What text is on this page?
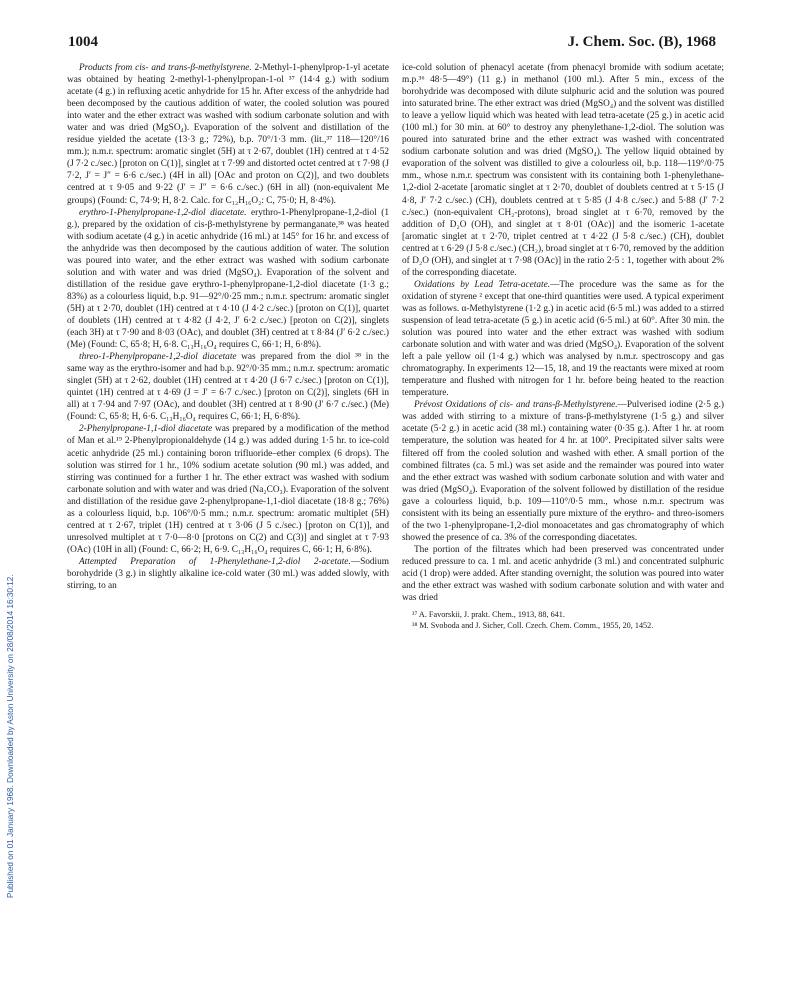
1004	J. Chem. Soc. (B), 1968
Published on 01 January 1968. Downloaded by Aston University on 28/08/2014 16:30:12.

Products from cis- and trans-β-methylstyrene. 2-Methyl-1-phenylprop-1-yl acetate was obtained by heating 2-methyl-1-phenylpropan-1-ol ³⁷ (14·4 g.) with sodium acetate (4 g.) in refluxing acetic anhydride for 15 hr. After excess of the anhydride had been decomposed by the cautious addition of water, the cooled solution was poured into water and the ether extract was washed with sodium carbonate solution and with water and was dried (MgSO₄). Evaporation of the solvent and distillation of the residue yielded the acetate (13·3 g.; 72%), b.p. 70°/1·3 mm. (lit.,³⁷ 118—120°/16 mm.); n.m.r. spectrum: aromatic singlet (5H) at τ 2·67, doublet (1H) centred at τ 4·52 (J 7·2 c./sec.) [proton on C(1)], singlet at τ 7·99 and distorted octet centred at τ 7·98 (J 7·2, J′ = J″ = 6·6 c./sec.) (4H in all) [OAc and proton on C(2)], and two doublets centred at τ 9·05 and 9·22 (J′ = J″ = 6·6 c./sec.) (6H in all) (non-equivalent Me groups) (Found: C, 74·9; H, 8·2. Calc. for C₁₂H₁₆O₂: C, 75·0; H, 8·4%).

erythro-1-Phenylpropane-1,2-diol diacetate. erythro-1-Phenylpropane-1,2-diol (1 g.), prepared by the oxidation of cis-β-methylstyrene by permanganate,³⁸ was heated with sodium acetate (4 g.) in acetic anhydride (16 ml.) at 145° for 16 hr. and excess of the anhydride was then decomposed by the cautious addition of water. The solution was poured into water, and the ether extract was washed with sodium carbonate solution and with water and was dried (MgSO₄). Evaporation of the solvent and distillation of the residue gave erythro-1-phenylpropane-1,2-diol diacetate (1·3 g.; 83%) as a colourless liquid, b.p. 91—92°/0·25 mm.; n.m.r. spectrum: aromatic singlet (5H) at τ 2·70, doublet (1H) centred at τ 4·10 (J 4·2 c./sec.) [proton on C(1)], quartet of doublets (1H) centred at τ 4·82 (J 4·2, J′ 6·2 c./sec.) [proton on C(2)], singlets (each 3H) at τ 7·90 and 8·03 (OAc), and doublet (3H) centred at τ 8·84 (J′ 6·2 c./sec.) (Me) (Found: C, 65·8; H, 6·8. C₁₃H₁₆O₄ requires C, 66·1; H, 6·8%).

threo-1-Phenylpropane-1,2-diol diacetate was prepared from the diol ³⁸ in the same way as the erythro-isomer and had b.p. 92°/0·35 mm.; n.m.r. spectrum: aromatic singlet (5H) at τ 2·62, doublet (1H) centred at τ 4·20 (J 6·7 c./sec.) [proton on C(1)], quintet (1H) centred at τ 4·69 (J = J′ = 6·7 c./sec.) [proton on C(2)], singlets (6H in all) at τ 7·94 and 7·97 (OAc), and doublet (3H) centred at τ 8·90 (J′ 6·7 c./sec.) (Me) (Found: C, 65·8; H, 6·6. C₁₃H₁₆O₄ requires C, 66·1; H, 6·8%).

2-Phenylpropane-1,1-diol diacetate was prepared by a modification of the method of Man et al.¹⁹ 2-Phenylpropionaldehyde (14 g.) was added during 1·5 hr. to ice-cold acetic anhydride (25 ml.) containing boron trifluoride–ether complex (6 drops). The solution was stirred for 1 hr., 10% sodium acetate solution (90 ml.) was added, and stirring was continued for a further 1 hr. The ether extract was washed with sodium carbonate solution and with water and was dried (Na₂CO₃). Evaporation of the solvent and distillation of the residue gave 2-phenylpropane-1,1-diol diacetate (18·8 g.; 76%) as a colourless liquid, b.p. 106°/0·5 mm.; n.m.r. spectrum: aromatic multiplet (5H) centred at τ 2·67, triplet (1H) centred at τ 3·06 (J 5 c./sec.) [proton on C(1)], and unresolved multiplet at τ 7·0—8·0 [protons on C(2) and C(3)] and singlet at τ 7·93 (OAc) (10H in all) (Found: C, 66·2; H, 6·9. C₁₃H₁₆O₄ requires C, 66·1; H, 6·8%).

Attempted Preparation of 1-Phenylethane-1,2-diol 2-acetate.—Sodium borohydride (3 g.) in slightly alkaline ice-cold water (30 ml.) was added slowly, with stirring, to an

ice-cold solution of phenacyl acetate (from phenacyl bromide with sodium acetate; m.p.³⁶ 48·5—49°) (11 g.) in methanol (100 ml.). After 5 min., excess of the borohydride was decomposed with dilute sulphuric acid and the solution was poured into saturated brine. The ether extract was dried (MgSO₄) and the solvent was distilled to leave a yellow liquid which was heated with lead tetra-acetate (25 g.) in acetic acid (100 ml.) for 30 min. at 60° to destroy any phenylethane-1,2-diol. The solution was poured into saturated brine and the ether extract was washed with concentrated sodium carbonate solution and was dried (MgSO₄). The yellow liquid obtained by evaporation of the solvent was distilled to give a colourless oil, b.p. 118—119°/0·75 mm., whose n.m.r. spectrum was consistent with its containing both 1-phenylethane-1,2-diol 2-acetate [aromatic singlet at τ 2·70, doublet of doublets centred at τ 5·15 (J 4·8, J′ 7·2 c./sec.) (CH), doublets centred at τ 5·85 (J 4·8 c./sec.) and 5·88 (J′ 7·2 c./sec.) (non-equivalent CH₂-protons), broad singlet at τ 6·70, removed by the addition of D₂O (OH), and singlet at τ 8·01 (OAc)] and the isomeric 1-acetate [aromatic singlet at τ 2·70, triplet centred at τ 4·22 (J 5·8 c./sec.) (CH), doublet centred at τ 6·29 (J 5·8 c./sec.) (CH₂), broad singlet at τ 6·70, removed by the addition of D₂O (OH), and singlet at τ 7·98 (OAc)] in the ratio 2·5 : 1, together with about 2% of the corresponding diacetate.

Oxidations by Lead Tetra-acetate.—The procedure was the same as for the oxidation of styrene ² except that one-third quantities were used. A typical experiment was as follows. α-Methylstyrene (1·2 g.) in acetic acid (6·5 ml.) was added to a stirred suspension of lead tetra-acetate (5 g.) in acetic acid (6·5 ml.) at 60°. After 30 min. the solution was poured into water and the ether extract was washed with sodium carbonate solution and with water and was dried (MgSO₄). Evaporation of the solvent left a pale yellow oil (1·4 g.) which was analysed by n.m.r. spectroscopy and gas chromatography. In experiments 12—15, 18, and 19 the reactants were mixed at room temperature and flushed with nitrogen for 1 hr. before being heated to the reaction temperature.

Prévost Oxidations of cis- and trans-β-Methylstyrene.—Pulverised iodine (2·5 g.) was added with stirring to a mixture of trans-β-methylstyrene (1·5 g.) and silver acetate (5·2 g.) in acetic acid (38 ml.) containing water (0·35 g.). After 1 hr. at room temperature, the solution was heated for 4 hr. at 100°. Precipitated silver salts were filtered off from the cooled solution and washed with ether. A small portion of the combined filtrates (ca. 5 ml.) was set aside and the remainder was poured into water and the ether extract was washed with sodium carbonate solution and with water and was dried (MgSO₄). Evaporation of the solvent followed by distillation of the residue gave a colourless liquid, b.p. 109—110°/0·5 mm., whose n.m.r. spectrum was consistent with its being an essentially pure mixture of the erythro- and threo-isomers of the two 1-phenylpropane-1,2-diol monoacetates and gas chromatography of which showed the presence of ca. 3% of the corresponding diacetates.

The portion of the filtrates which had been preserved was concentrated under reduced pressure to ca. 1 ml. and acetic anhydride (3 ml.) and concentrated sulphuric acid (1 drop) were added. After standing overnight, the solution was poured into water and the ether extract was washed with sodium carbonate solution and with water and was dried

³⁷ A. Favorskii, J. prakt. Chem., 1913, 88, 641.

³⁸ M. Svoboda and J. Sicher, Coll. Czech. Chem. Comm., 1955, 20, 1452.
